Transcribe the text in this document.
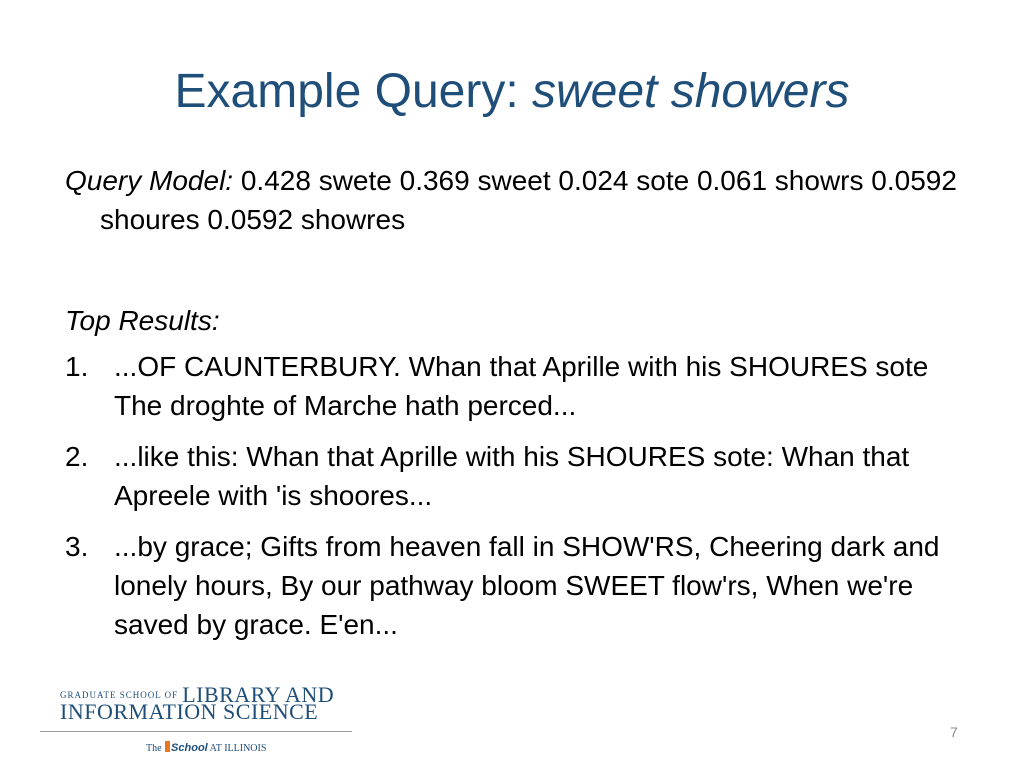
Example Query: sweet showers
Query Model: 0.428 swete 0.369 sweet 0.024 sote 0.061 showrs 0.0592 shoures 0.0592 showres
Top Results:
1. ...OF CAUNTERBURY. Whan that Aprille with his SHOURES sote The droghte of Marche hath perced...
2. ...like this: Whan that Aprille with his SHOURES sote: Whan that Apreele with 'is shoores...
3. ...by grace; Gifts from heaven fall in SHOW'RS, Cheering dark and lonely hours, By our pathway bloom SWEET flow'rs, When we're saved by grace. E'en...
$^{GRADUATE SCHOOL OF}$ LIBRARY AND
INFORMATION SCIENCE
The School AT ILLINOIS
7
